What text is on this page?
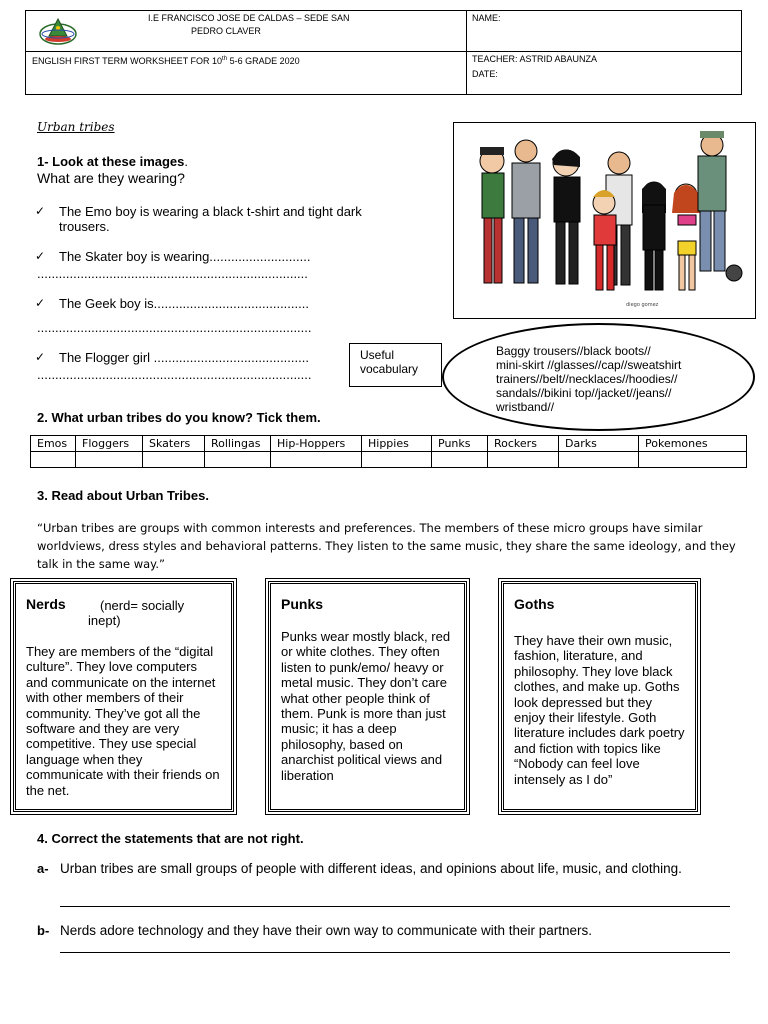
I.E FRANCISCO JOSE DE CALDAS – SEDE SAN
PEDRO CLAVER
NAME:
ENGLISH FIRST TERM WORKSHEET FOR 10th 5-6 GRADE 2020	TEACHER: ASTRID ABAUNZA
DATE:
Urban tribes
1- Look at these images.
What are they wearing?
✓ The Emo boy is wearing a black t-shirt and tight dark trousers.
✓ The Skater boy is wearing............................
...........................................................................
✓ The Geek boy is...........................................
............................................................................
✓ The Flogger girl ...........................................
............................................................................
diego gomez
Useful
vocabulary
Baggy trousers//black boots//
mini-skirt //glasses//cap//sweatshirt
trainers//belt//necklaces//hoodies//
sandals//bikini top//jacket//jeans//
wristband//
2. What urban tribes do you know? Tick them.
Emos	Floggers	Skaters	Rollingas	Hip-Hoppers	Hippies	Punks	Rockers	Darks	Pokemones

3. Read about Urban Tribes.
“Urban tribes are groups with common interests and preferences. The members of these micro groups have similar worldviews, dress styles and behavioral patterns. They listen to the same music, they share the same ideology, and they talk in the same way.”
Nerds	(nerd= socially inept)
They are members of the “digital culture”. They love computers and communicate on the internet with other members of their community. They’ve got all the software and they are very competitive. They use special language when they communicate with their friends on the net.
Punks
Punks wear mostly black, red or white clothes. They often listen to punk/emo/ heavy or metal music. They don’t care what other people think of them. Punk is more than just music; it has a deep philosophy, based on anarchist political views and liberation
Goths
They have their own music, fashion, literature, and philosophy. They love black clothes, and make up. Goths look depressed but they enjoy their lifestyle. Goth literature includes dark poetry and fiction with topics like “Nobody can feel love intensely as I do”
4. Correct the statements that are not right.
a- Urban tribes are small groups of people with different ideas, and opinions about life, music, and clothing.
b- Nerds adore technology and they have their own way to communicate with their partners.
